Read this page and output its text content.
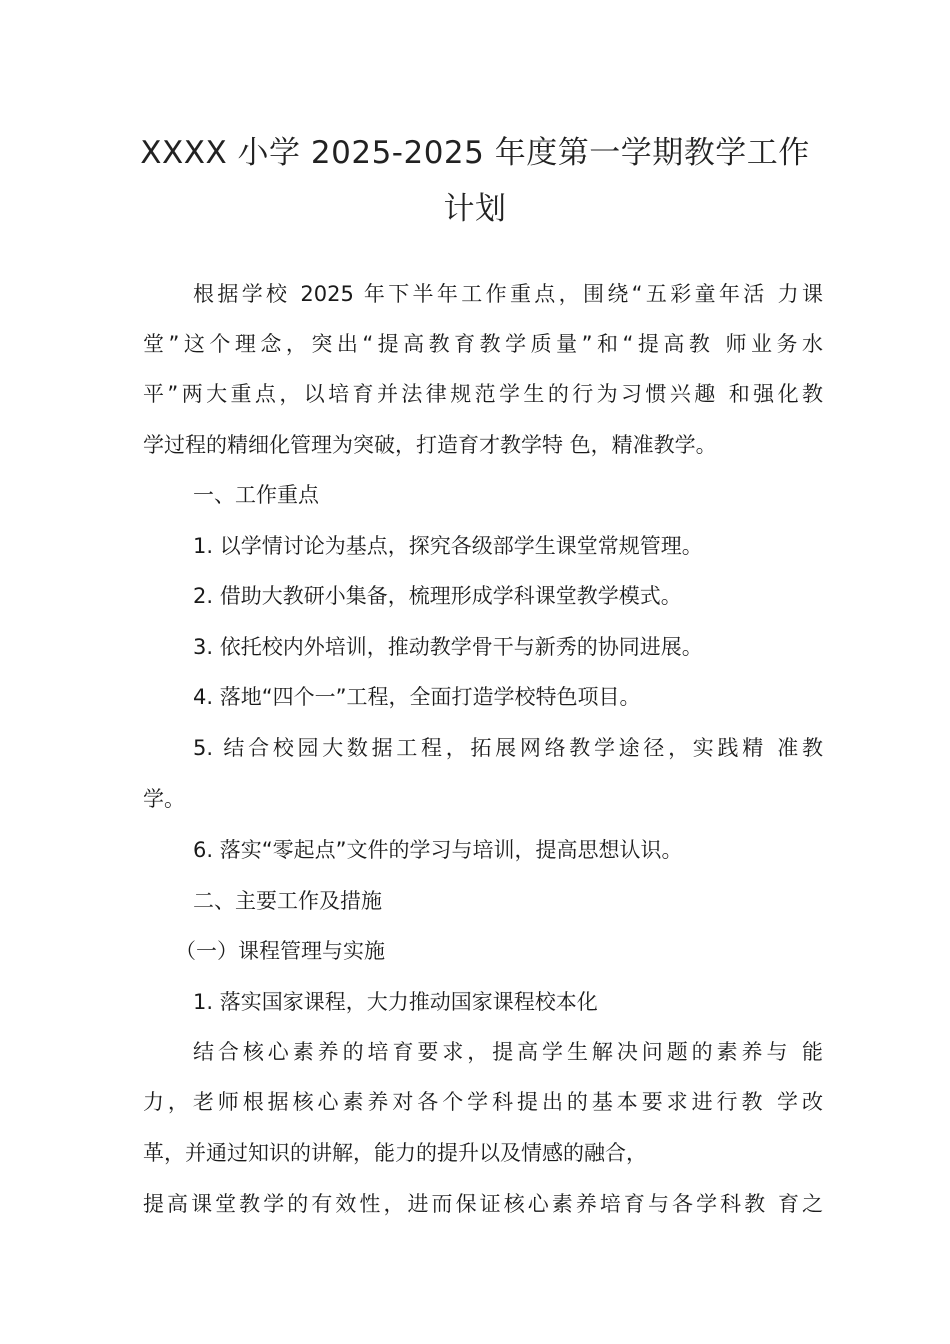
XXXX 小学 2025-2025 年度第一学期教学工作
计划
根据学校 2025 年下半年工作重点，围绕“五彩童年活 力课
堂”这个理念，突出“提高教育教学质量”和“提高教 师业务水
平”两大重点，以培育并法律规范学生的行为习惯兴趣 和强化教
学过程的精细化管理为突破，打造育才教学特 色，精准教学。
一、工作重点
1. 以学情讨论为基点，探究各级部学生课堂常规管理。
2. 借助大教研小集备，梳理形成学科课堂教学模式。
3. 依托校内外培训，推动教学骨干与新秀的协同进展。
4. 落地“四个一”工程，全面打造学校特色项目。
5. 结合校园大数据工程，拓展网络教学途径，实践精 准教
学。
6. 落实“零起点”文件的学习与培训，提高思想认识。
二、主要工作及措施
（一）课程管理与实施
1. 落实国家课程，大力推动国家课程校本化
结合核心素养的培育要求，提高学生解决问题的素养与 能
力，老师根据核心素养对各个学科提出的基本要求进行教 学改
革，并通过知识的讲解，能力的提升以及情感的融合，
提高课堂教学的有效性，进而保证核心素养培育与各学科教 育之
